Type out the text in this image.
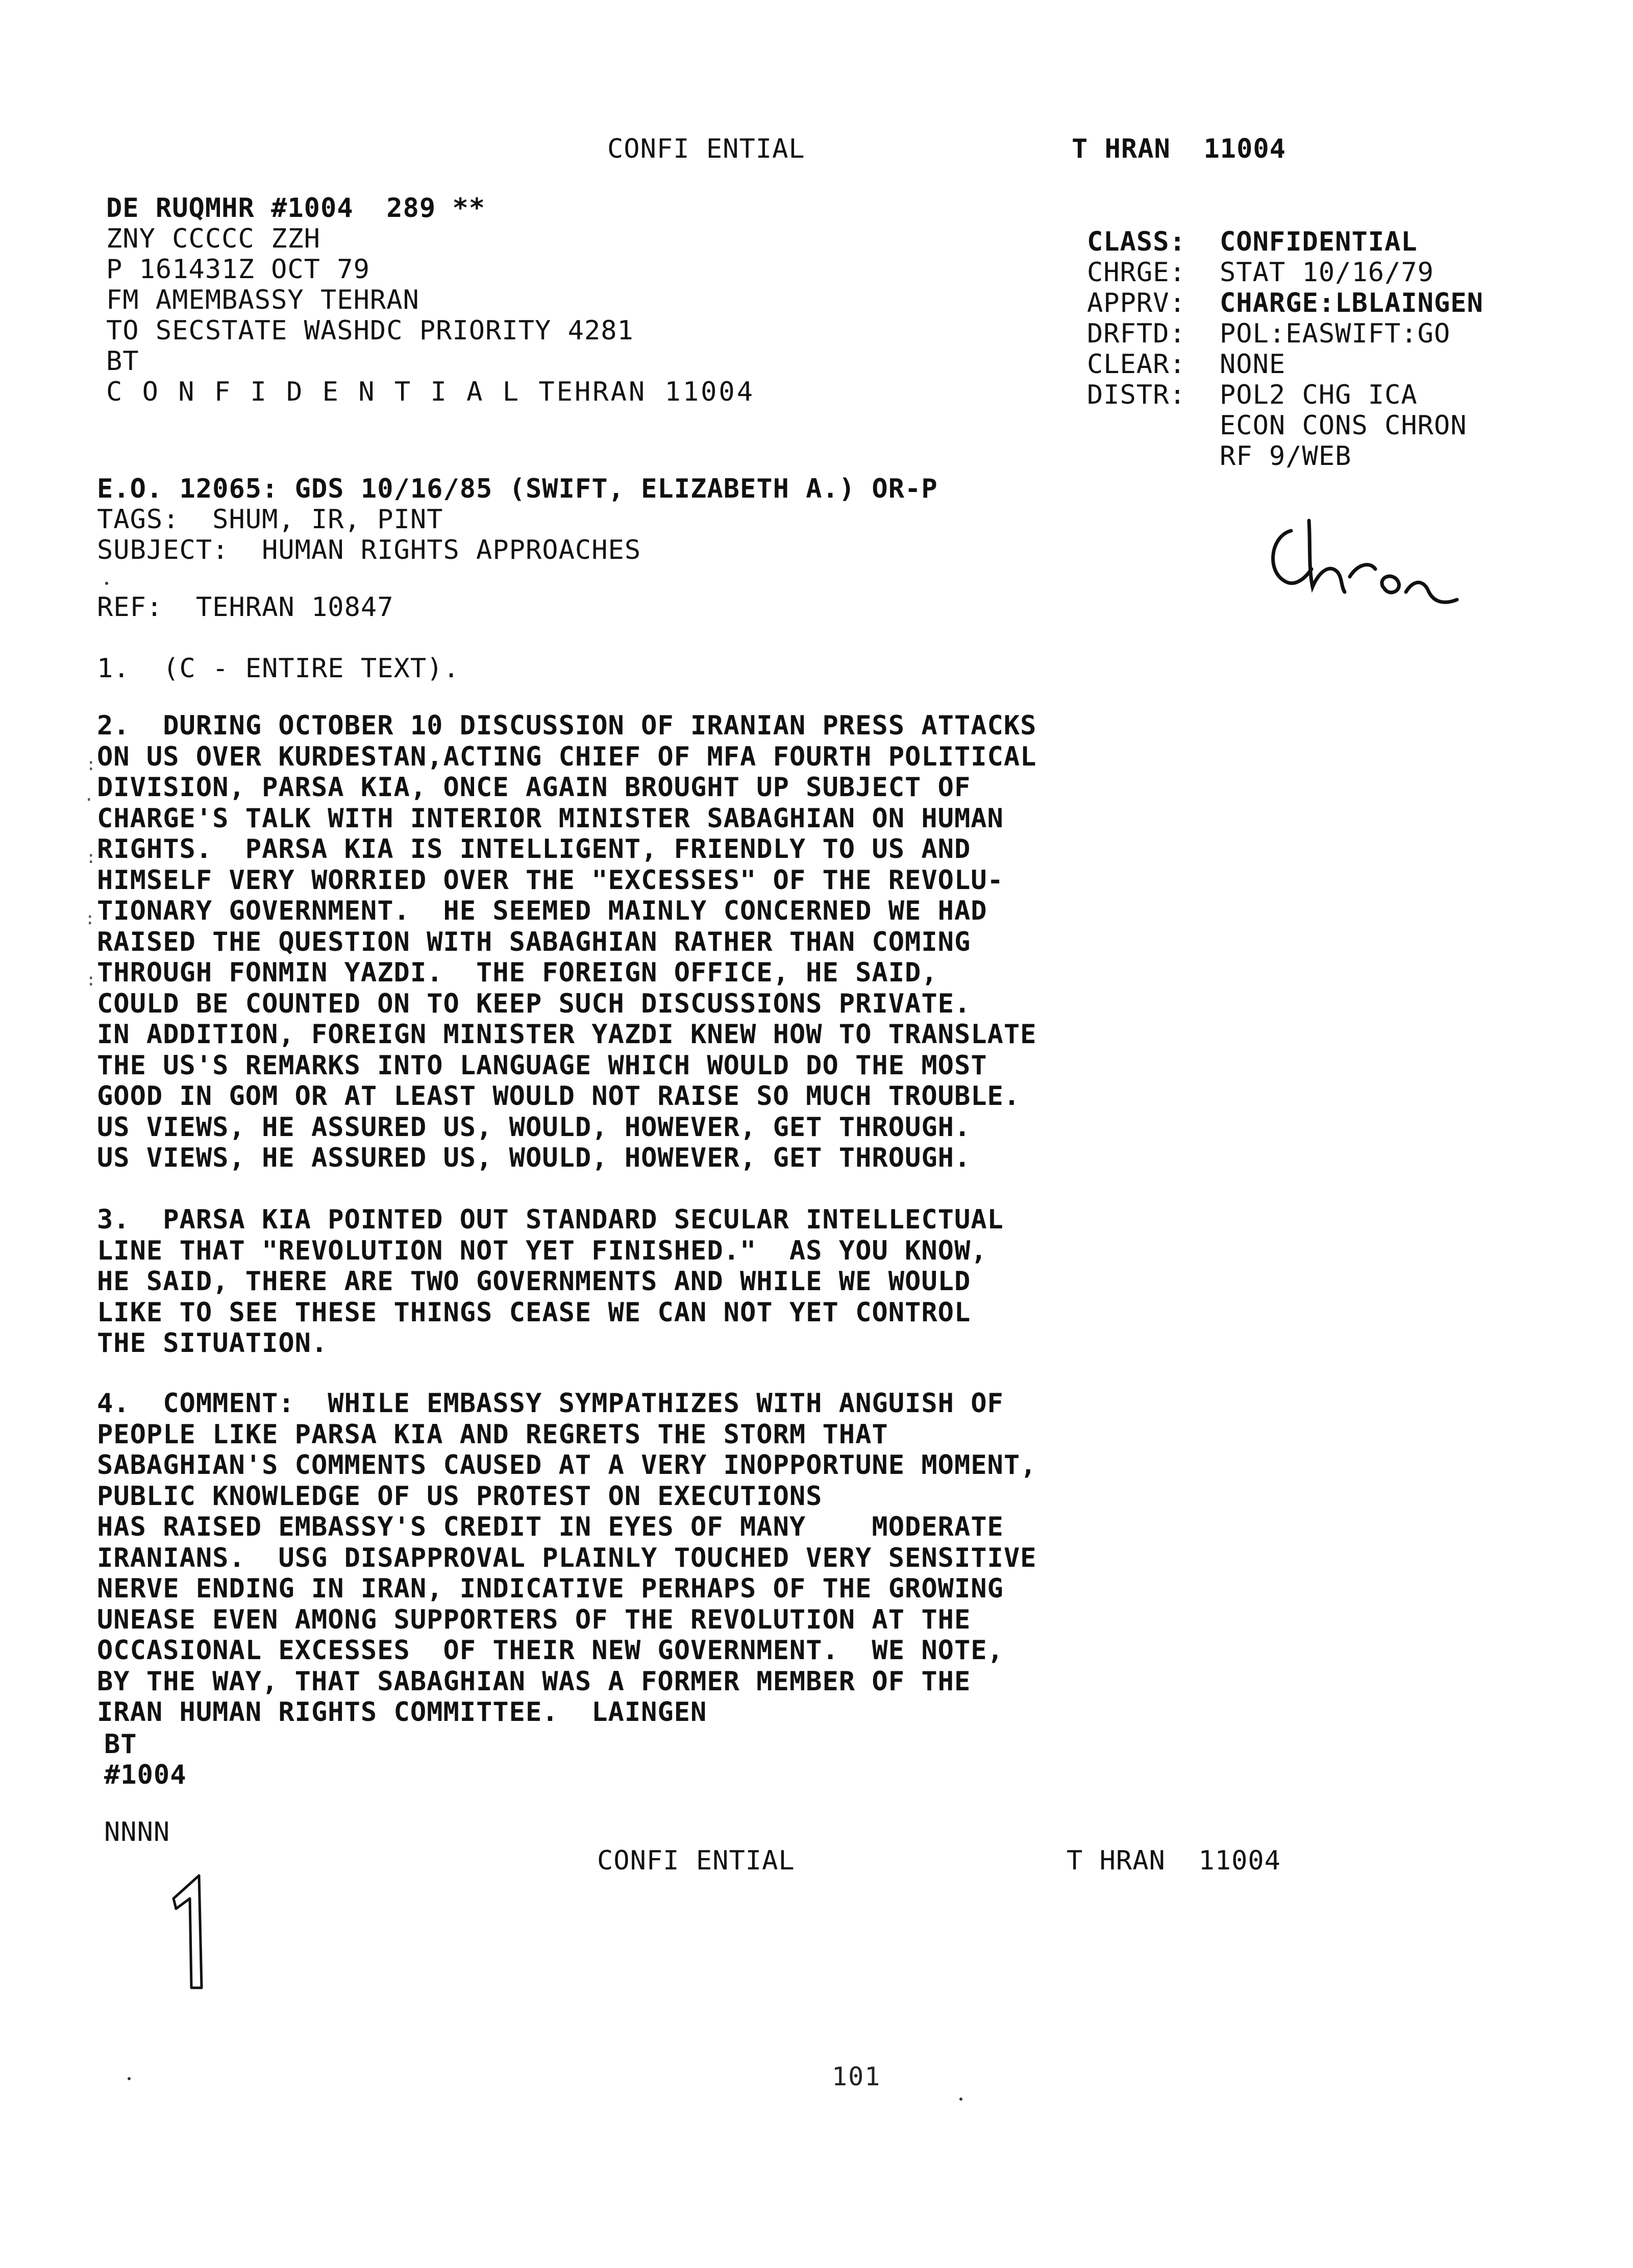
CONFI ENTIAL	T HRAN  11004
DE RUQMHR #1004  289 **
ZNY CCCCC ZZH
P 161431Z OCT 79
FM AMEMBASSY TEHRAN
TO SECSTATE WASHDC PRIORITY 4281
BT
C O N F I D E N T I A L TEHRAN 11004
CLASS: CONFIDENTIAL
CHRGE: STAT 10/16/79
APPRV: CHARGE:LBLAINGEN
DRFTD: POL:EASWIFT:GO
CLEAR: NONE
DISTR: POL2 CHG ICA
ECON CONS CHRON
RF 9/WEB
E.O. 12065: GDS 10/16/85 (SWIFT, ELIZABETH A.) OR-P
TAGS:  SHUM, IR, PINT
SUBJECT:  HUMAN RIGHTS APPROACHES
REF:  TEHRAN 10847
1.  (C - ENTIRE TEXT).
2.  DURING OCTOBER 10 DISCUSSION OF IRANIAN PRESS ATTACKS
ON US OVER KURDESTAN,ACTING CHIEF OF MFA FOURTH POLITICAL
DIVISION, PARSA KIA, ONCE AGAIN BROUGHT UP SUBJECT OF
CHARGE'S TALK WITH INTERIOR MINISTER SABAGHIAN ON HUMAN
RIGHTS.  PARSA KIA IS INTELLIGENT, FRIENDLY TO US AND
HIMSELF VERY WORRIED OVER THE "EXCESSES" OF THE REVOLU-
TIONARY GOVERNMENT.  HE SEEMED MAINLY CONCERNED WE HAD
RAISED THE QUESTION WITH SABAGHIAN RATHER THAN COMING
THROUGH FONMIN YAZDI.  THE FOREIGN OFFICE, HE SAID,
COULD BE COUNTED ON TO KEEP SUCH DISCUSSIONS PRIVATE.
IN ADDITION, FOREIGN MINISTER YAZDI KNEW HOW TO TRANSLATE
THE US'S REMARKS INTO LANGUAGE WHICH WOULD DO THE MOST
GOOD IN GOM OR AT LEAST WOULD NOT RAISE SO MUCH TROUBLE.
US VIEWS, HE ASSURED US, WOULD, HOWEVER, GET THROUGH.
US VIEWS, HE ASSURED US, WOULD, HOWEVER, GET THROUGH.
:
.
:
:
:
3.  PARSA KIA POINTED OUT STANDARD SECULAR INTELLECTUAL
LINE THAT "REVOLUTION NOT YET FINISHED."  AS YOU KNOW,
HE SAID, THERE ARE TWO GOVERNMENTS AND WHILE WE WOULD
LIKE TO SEE THESE THINGS CEASE WE CAN NOT YET CONTROL
THE SITUATION.
4.  COMMENT:  WHILE EMBASSY SYMPATHIZES WITH ANGUISH OF
PEOPLE LIKE PARSA KIA AND REGRETS THE STORM THAT
SABAGHIAN'S COMMENTS CAUSED AT A VERY INOPPORTUNE MOMENT,
PUBLIC KNOWLEDGE OF US PROTEST ON EXECUTIONS
HAS RAISED EMBASSY'S CREDIT IN EYES OF MANY    MODERATE
IRANIANS.  USG DISAPPROVAL PLAINLY TOUCHED VERY SENSITIVE
NERVE ENDING IN IRAN, INDICATIVE PERHAPS OF THE GROWING
UNEASE EVEN AMONG SUPPORTERS OF THE REVOLUTION AT THE
OCCASIONAL EXCESSES  OF THEIR NEW GOVERNMENT.  WE NOTE,
BY THE WAY, THAT SABAGHIAN WAS A FORMER MEMBER OF THE
IRAN HUMAN RIGHTS COMMITTEE.  LAINGEN
BT
#1004
NNNN
CONFI ENTIAL	T HRAN  11004
101
